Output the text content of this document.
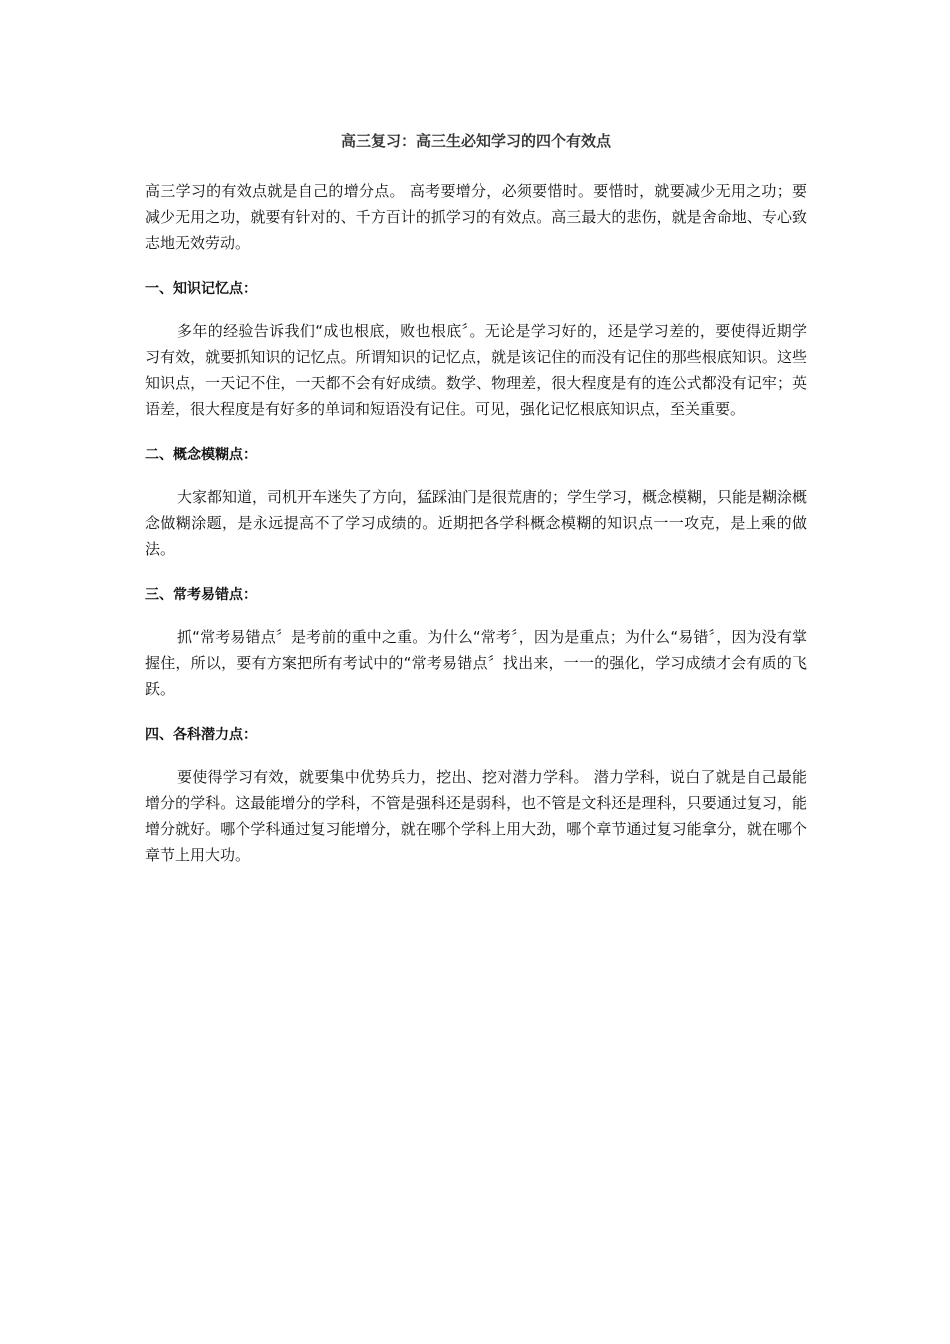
高三复习：高三生必知学习的四个有效点
高三学习的有效点就是自己的增分点。 高考要增分，必须要惜时。要惜时，就要减少无用之功；要减少无用之功，就要有针对的、千方百计的抓学习的有效点。高三最大的悲伤，就是舍命地、专心致志地无效劳动。
一、知识记忆点：
多年的经验告诉我们“成也根底，败也根底〞。无论是学习好的，还是学习差的，要使得近期学习有效，就要抓知识的记忆点。所谓知识的记忆点，就是该记住的而没有记住的那些根底知识。这些知识点，一天记不住，一天都不会有好成绩。数学、物理差，很大程度是有的连公式都没有记牢；英语差，很大程度是有好多的单词和短语没有记住。可见，强化记忆根底知识点，至关重要。
二、概念模糊点：
大家都知道，司机开车迷失了方向，猛踩油门是很荒唐的；学生学习，概念模糊，只能是糊涂概念做糊涂题，是永远提高不了学习成绩的。近期把各学科概念模糊的知识点一一攻克，是上乘的做法。
三、常考易错点：
抓“常考易错点〞是考前的重中之重。为什么“常考〞，因为是重点；为什么“易错〞，因为没有掌握住，所以，要有方案把所有考试中的“常考易错点〞找出来，一一的强化，学习成绩才会有质的飞跃。
四、各科潜力点：
要使得学习有效，就要集中优势兵力，挖出、挖对潜力学科。 潜力学科，说白了就是自己最能增分的学科。这最能增分的学科，不管是强科还是弱科，也不管是文科还是理科，只要通过复习，能增分就好。哪个学科通过复习能增分，就在哪个学科上用大劲，哪个章节通过复习能拿分，就在哪个章节上用大功。
